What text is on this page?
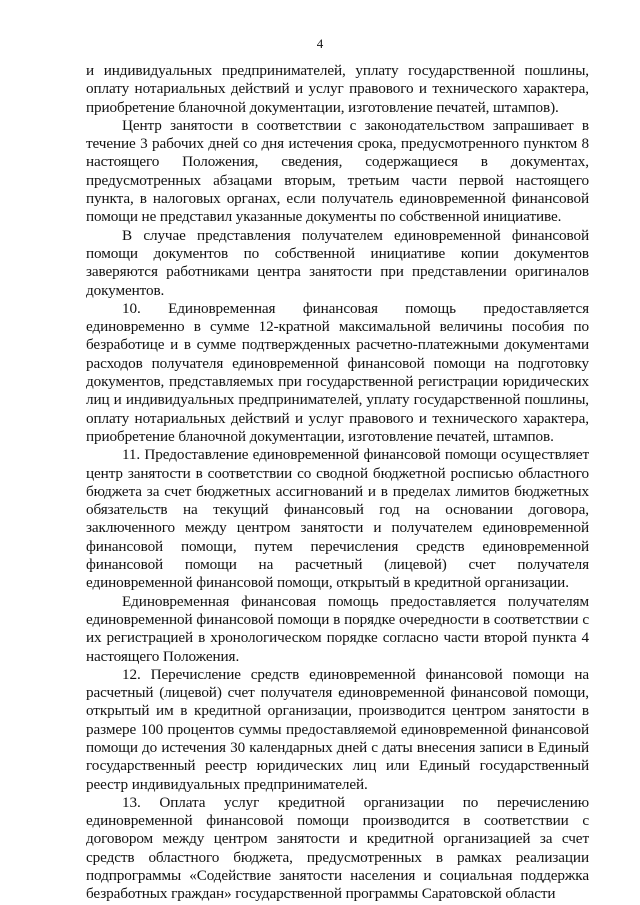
4

и индивидуальных предпринимателей, уплату государственной пошлины, оплату нотариальных действий и услуг правового и технического характера, приобретение бланочной документации, изготовление печатей, штампов).

Центр занятости в соответствии с законодательством запрашивает в течение 3 рабочих дней со дня истечения срока, предусмотренного пунктом 8 настоящего Положения, сведения, содержащиеся в документах, предусмотренных абзацами вторым, третьим части первой настоящего пункта, в налоговых органах, если получатель единовременной финансовой помощи не представил указанные документы по собственной инициативе.

В случае представления получателем единовременной финансовой помощи документов по собственной инициативе копии документов заверяются работниками центра занятости при представлении оригиналов документов.

10. Единовременная финансовая помощь предоставляется единовременно в сумме 12-кратной максимальной величины пособия по безработице и в сумме подтвержденных расчетно-платежными документами расходов получателя единовременной финансовой помощи на подготовку документов, представляемых при государственной регистрации юридических лиц и индивидуальных предпринимателей, уплату государственной пошлины, оплату нотариальных действий и услуг правового и технического характера, приобретение бланочной документации, изготовление печатей, штампов.

11. Предоставление единовременной финансовой помощи осуществляет центр занятости в соответствии со сводной бюджетной росписью областного бюджета за счет бюджетных ассигнований и в пределах лимитов бюджетных обязательств на текущий финансовый год на основании договора, заключенного между центром занятости и получателем единовременной финансовой помощи, путем перечисления средств единовременной финансовой помощи на расчетный (лицевой) счет получателя единовременной финансовой помощи, открытый в кредитной организации.

Единовременная финансовая помощь предоставляется получателям единовременной финансовой помощи в порядке очередности в соответствии с их регистрацией в хронологическом порядке согласно части второй пункта 4 настоящего Положения.

12. Перечисление средств единовременной финансовой помощи на расчетный (лицевой) счет получателя единовременной финансовой помощи, открытый им в кредитной организации, производится центром занятости в размере 100 процентов суммы предоставляемой единовременной финансовой помощи до истечения 30 календарных дней с даты внесения записи в Единый государственный реестр юридических лиц или Единый государственный реестр индивидуальных предпринимателей.

13. Оплата услуг кредитной организации по перечислению единовременной финансовой помощи производится в соответствии с договором между центром занятости и кредитной организацией за счет средств областного бюджета, предусмотренных в рамках реализации подпрограммы «Содействие занятости населения и социальная поддержка безработных граждан» государственной программы Саратовской области
